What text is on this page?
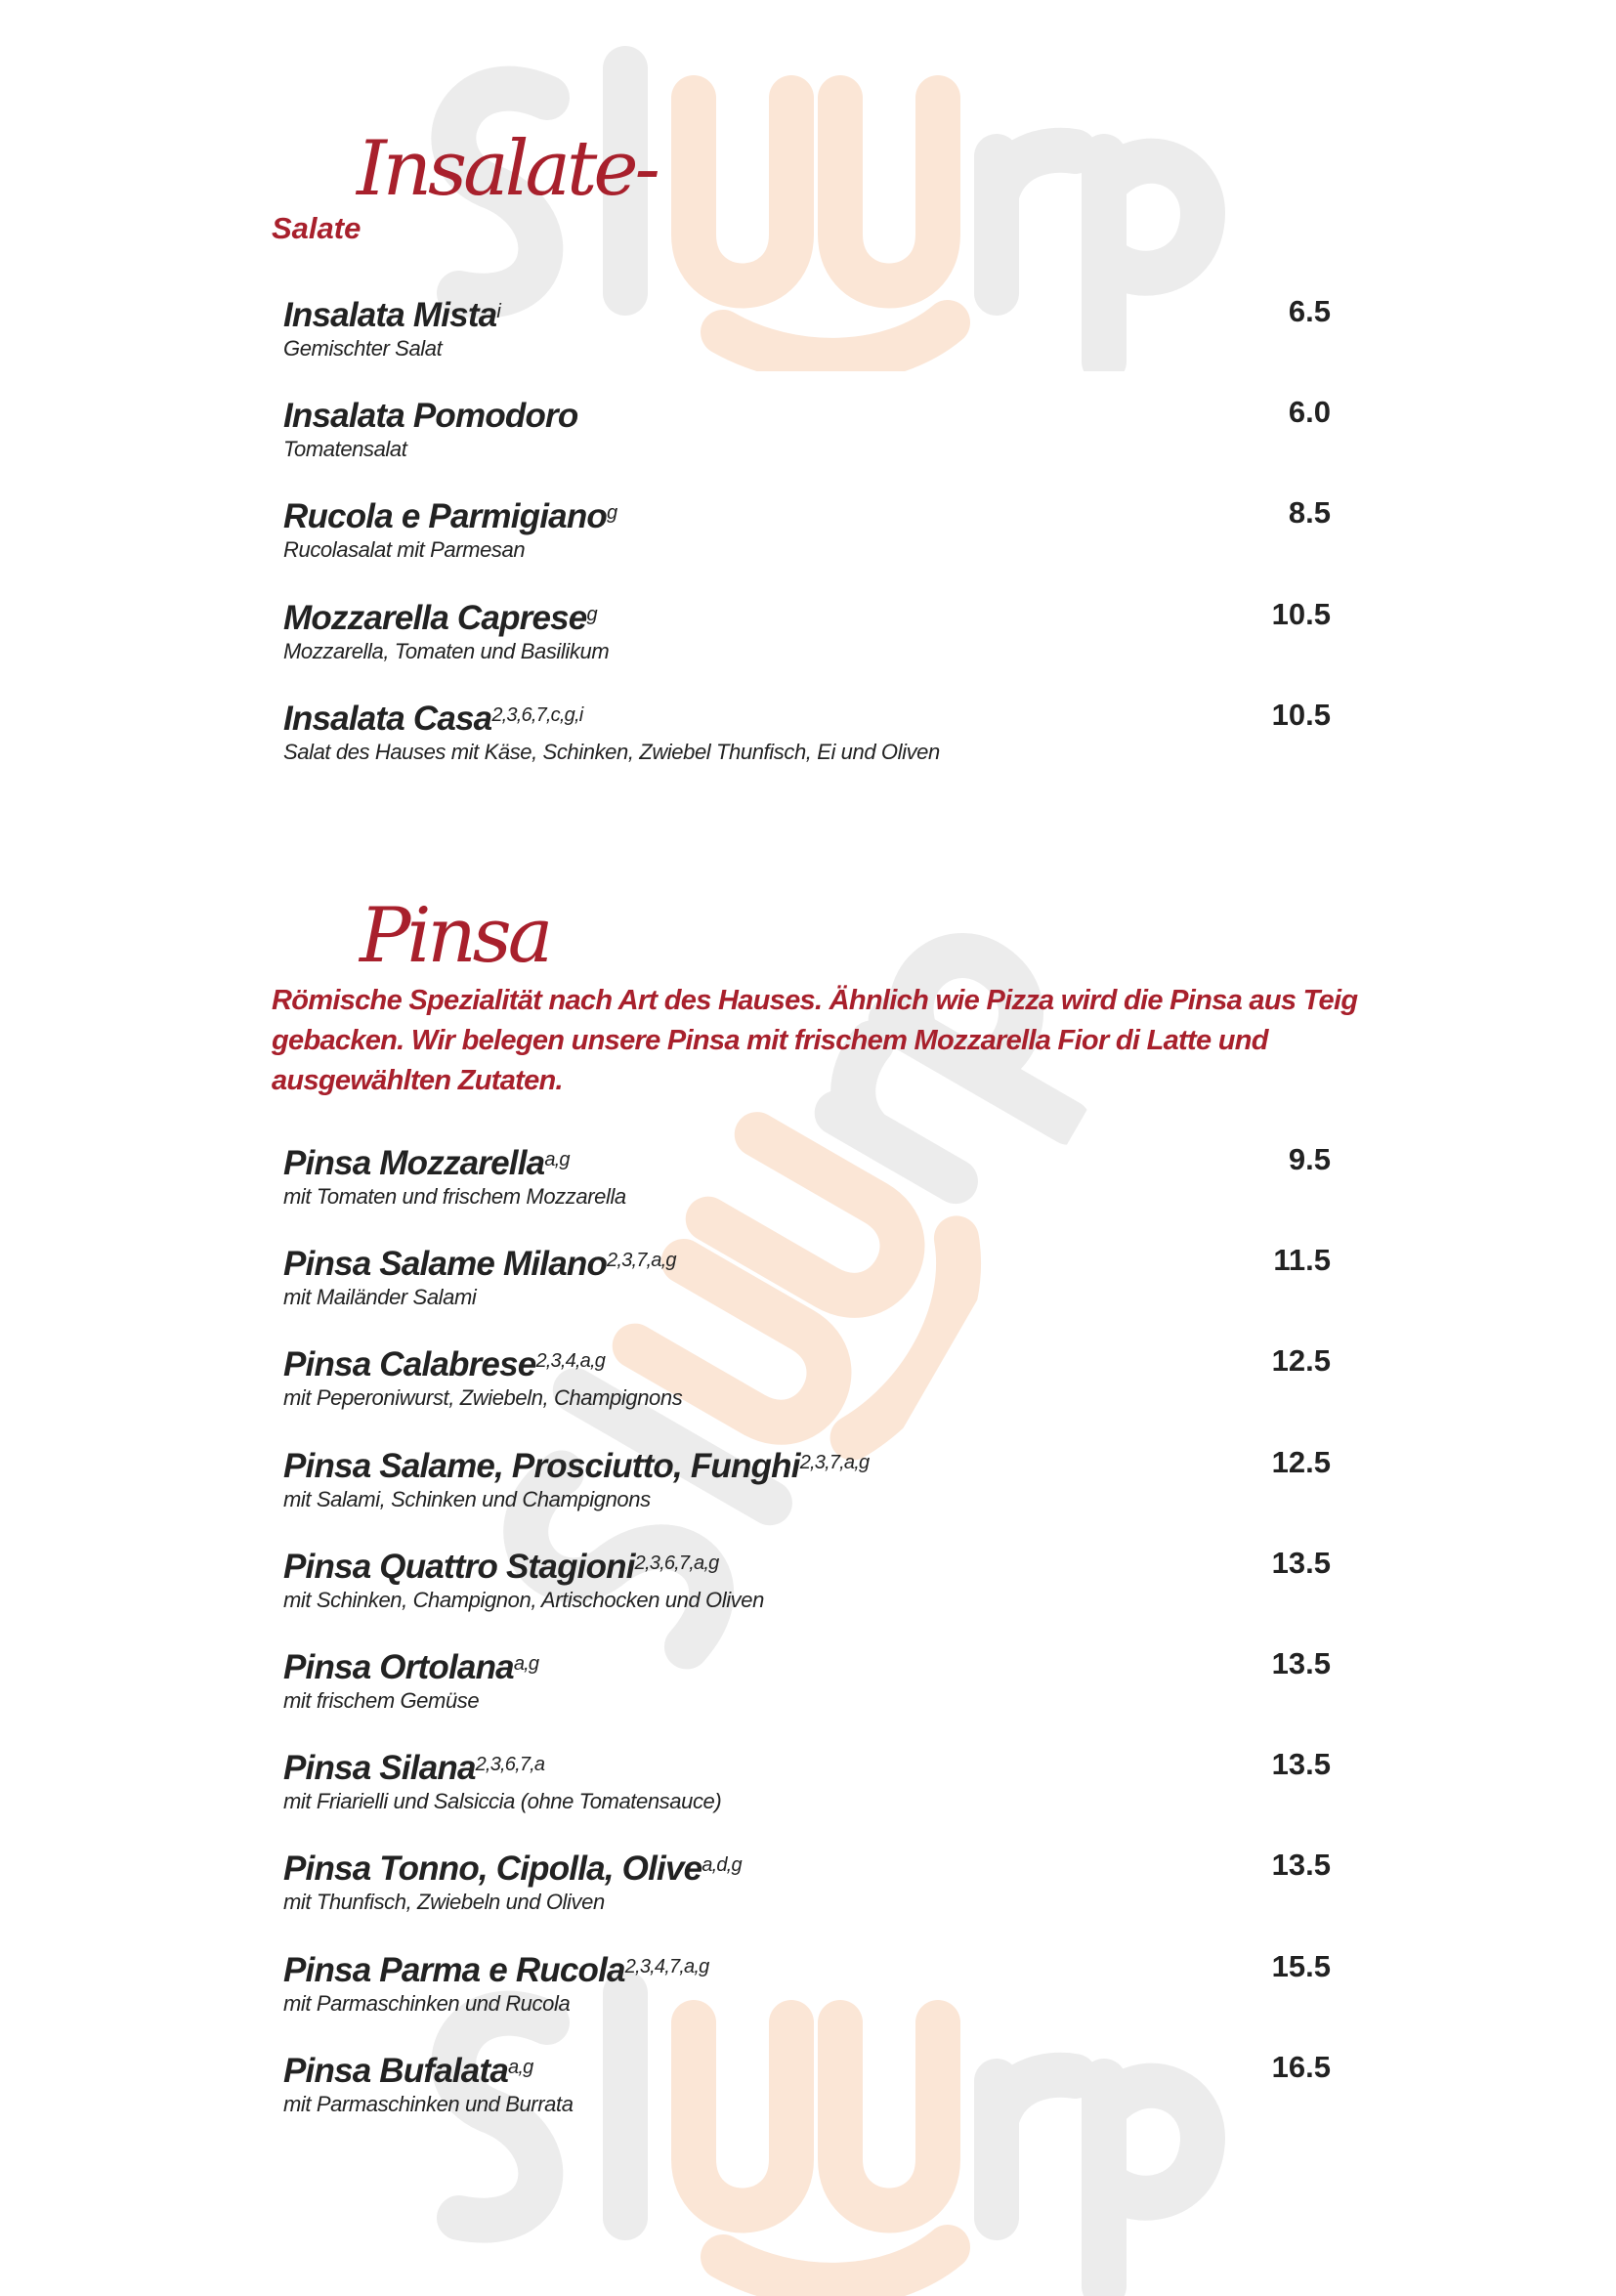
Insalate-
Salate
Insalata Mista$^i$
Gemischter Salat
6.5
Insalata Pomodoro
Tomatensalat
6.0
Rucola e Parmigiano$^g$
Rucolasalat mit Parmesan
8.5
Mozzarella Caprese$^g$
Mozzarella, Tomaten und Basilikum
10.5
Insalata Casa$^{2,3,6,7,c,g,i}$
Salat des Hauses mit Käse, Schinken, Zwiebel Thunfisch, Ei und Oliven
10.5
Pinsa
Römische Spezialität nach Art des Hauses. Ähnlich wie Pizza wird die Pinsa aus Teig gebacken. Wir belegen unsere Pinsa mit frischem Mozzarella Fior di Latte und ausgewählten Zutaten.
Pinsa Mozzarella$^{a,g}$
mit Tomaten und frischem Mozzarella
9.5
Pinsa Salame Milano$^{2,3,7,a,g}$
mit Mailänder Salami
11.5
Pinsa Calabrese$^{2,3,4,a,g}$
mit Peperoniwurst, Zwiebeln, Champignons
12.5
Pinsa Salame, Prosciutto, Funghi$^{2,3,7,a,g}$
mit Salami, Schinken und Champignons
12.5
Pinsa Quattro Stagioni$^{2,3,6,7,a,g}$
mit Schinken, Champignon, Artischocken und Oliven
13.5
Pinsa Ortolana$^{a,g}$
mit frischem Gemüse
13.5
Pinsa Silana$^{2,3,6,7,a}$
mit Friarielli und Salsiccia (ohne Tomatensauce)
13.5
Pinsa Tonno, Cipolla, Olive$^{a,d,g}$
mit Thunfisch, Zwiebeln und Oliven
13.5
Pinsa Parma e Rucola$^{2,3,4,7,a,g}$
mit Parmaschinken und Rucola
15.5
Pinsa Bufalata$^{a,g}$
mit Parmaschinken und Burrata
16.5
